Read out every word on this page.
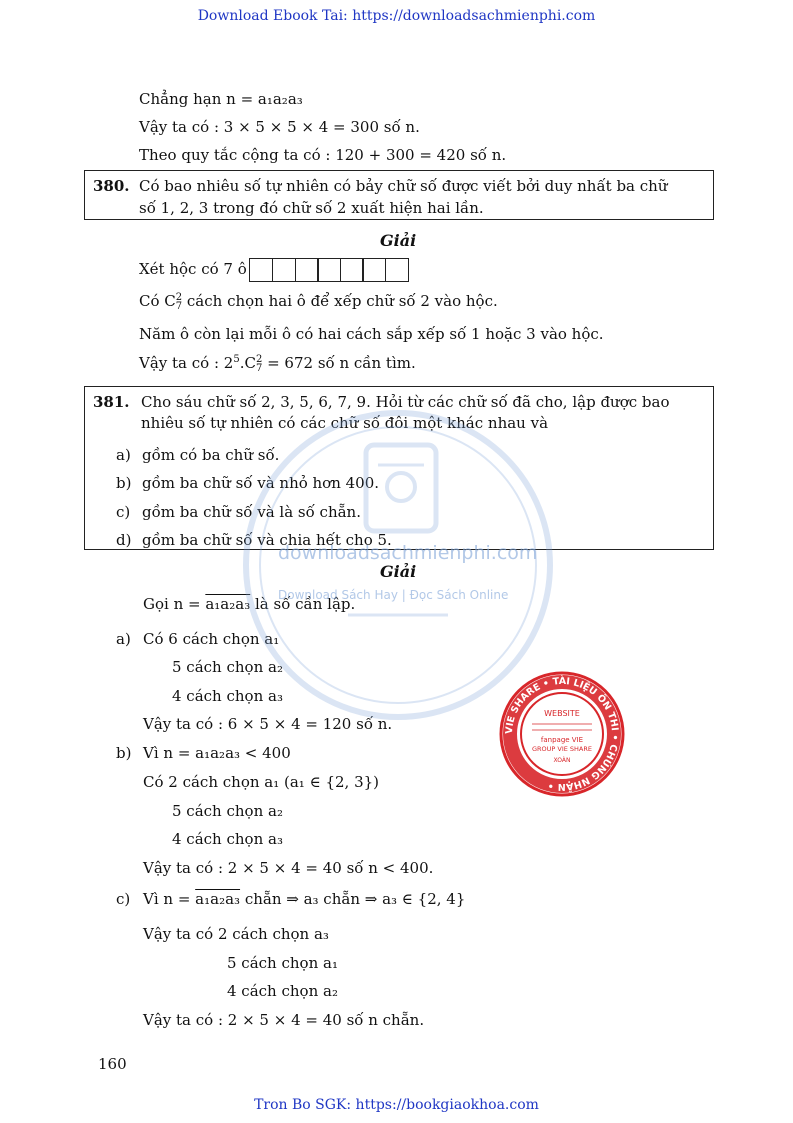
Download Ebook Tai: https://downloadsachmienphi.com
Tron Bo SGK: https://bookgiaokhoa.com
160
Chẳng hạn n = a₁a₂a₃
Vậy ta có : 3 × 5 × 5 × 4 = 300 số n.
Theo quy tắc cộng ta có : 120 + 300 = 420 số n.
380. Có bao nhiêu số tự nhiên có bảy chữ số được viết bởi duy nhất ba chữ
số 1, 2, 3 trong đó chữ số 2 xuất hiện hai lần.
Giải
Xét hộc có 7 ô
Có C 2
7 cách chọn hai ô để xếp chữ số 2 vào hộc.
Năm ô còn lại mỗi ô có hai cách sắp xếp số 1 hoặc 3 vào hộc.
Vậy ta có : $2^5.C$ 2
7 = 672 số n cần tìm.
381. Cho sáu chữ số 2, 3, 5, 6, 7, 9. Hỏi từ các chữ số đã cho, lập được bao
nhiêu số tự nhiên có các chữ số đôi một khác nhau và
a) gồm có ba chữ số.
b) gồm ba chữ số và nhỏ hơn 400.
c) gồm ba chữ số và là số chẵn.
d) gồm ba chữ số và chia hết cho 5.
Giải
Gọi n = a₁a₂a₃ là số cần lập.
a) Có 6 cách chọn a₁
5 cách chọn a₂
4 cách chọn a₃
Vậy ta có : 6 × 5 × 4 = 120 số n.
b) Vì n = a₁a₂a₃ < 400
Có 2 cách chọn a₁ (a₁ ∈ {2, 3})
5 cách chọn a₂
4 cách chọn a₃
Vậy ta có : 2 × 5 × 4 = 40 số n < 400.
c) Vì n = a₁a₂a₃ chẵn ⇒ a₃ chẵn ⇒ a₃ ∈ {2, 4}
Vậy ta có 2 cách chọn a₃
5 cách chọn a₁
4 cách chọn a₂
Vậy ta có : 2 × 5 × 4 = 40 số n chẵn.
downloadsachmienphi.com
Download Sách Hay | Đọc Sách Online
VIE SHARE • TÀI LIỆU ÔN THI • CHÚNG NHẬN •
WEBSITE
fanpage VIE
GROUP VIE SHARE
XOÀN
